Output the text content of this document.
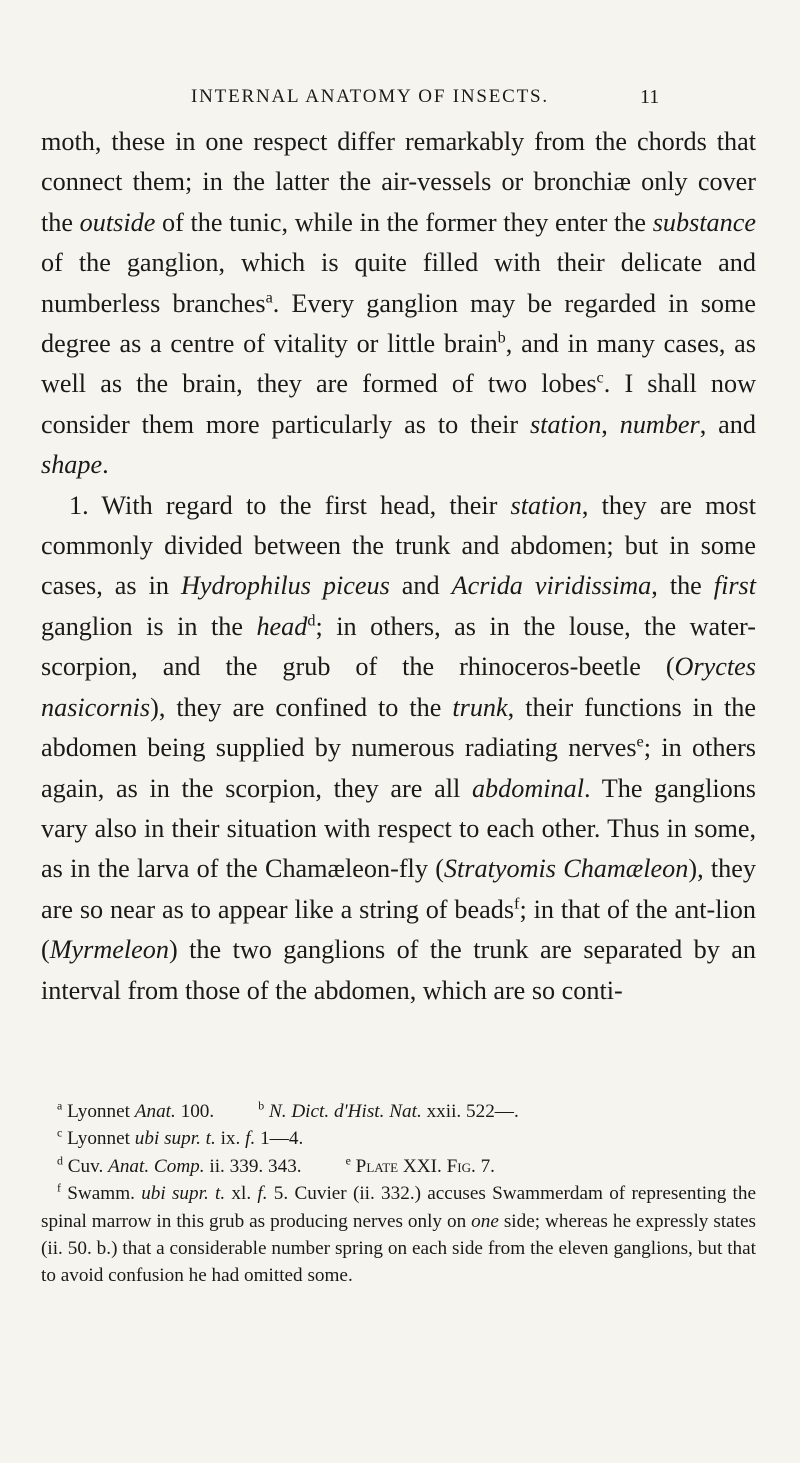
INTERNAL ANATOMY OF INSECTS.	11

moth, these in one respect differ remarkably from the chords that connect them; in the latter the air-vessels or bronchiæ only cover the outside of the tunic, while in the former they enter the substance of the ganglion, which is quite filled with their delicate and numberless branches$^a$. Every ganglion may be regarded in some degree as a centre of vitality or little brain$^b$, and in many cases, as well as the brain, they are formed of two lobes$^c$. I shall now consider them more particularly as to their station, number, and shape.

1. With regard to the first head, their station, they are most commonly divided between the trunk and abdomen; but in some cases, as in Hydrophilus piceus and Acrida viridissima, the first ganglion is in the head$^d$; in others, as in the louse, the water-scorpion, and the grub of the rhinoceros-beetle (Oryctes nasicornis), they are confined to the trunk, their functions in the abdomen being supplied by numerous radiating nerves$^e$; in others again, as in the scorpion, they are all abdominal. The ganglions vary also in their situation with respect to each other. Thus in some, as in the larva of the Chamæleon-fly (Stratyomis Chamæleon), they are so near as to appear like a string of beads$^f$; in that of the ant-lion (Myrmeleon) the two ganglions of the trunk are separated by an interval from those of the abdomen, which are so conti-

$^a$ Lyonnet Anat. 100.	$^b$ N. Dict. d'Hist. Nat. xxii. 522—.

$^c$ Lyonnet ubi supr. t. ix. f. 1—4.

$^d$ Cuv. Anat. Comp. ii. 339. 343.	$^e$ Plate XXI. Fig. 7.

$^f$ Swamm. ubi supr. t. xl. f. 5. Cuvier (ii. 332.) accuses Swammerdam of representing the spinal marrow in this grub as producing nerves only on one side; whereas he expressly states (ii. 50. b.) that a considerable number spring on each side from the eleven ganglions, but that to avoid confusion he had omitted some.
